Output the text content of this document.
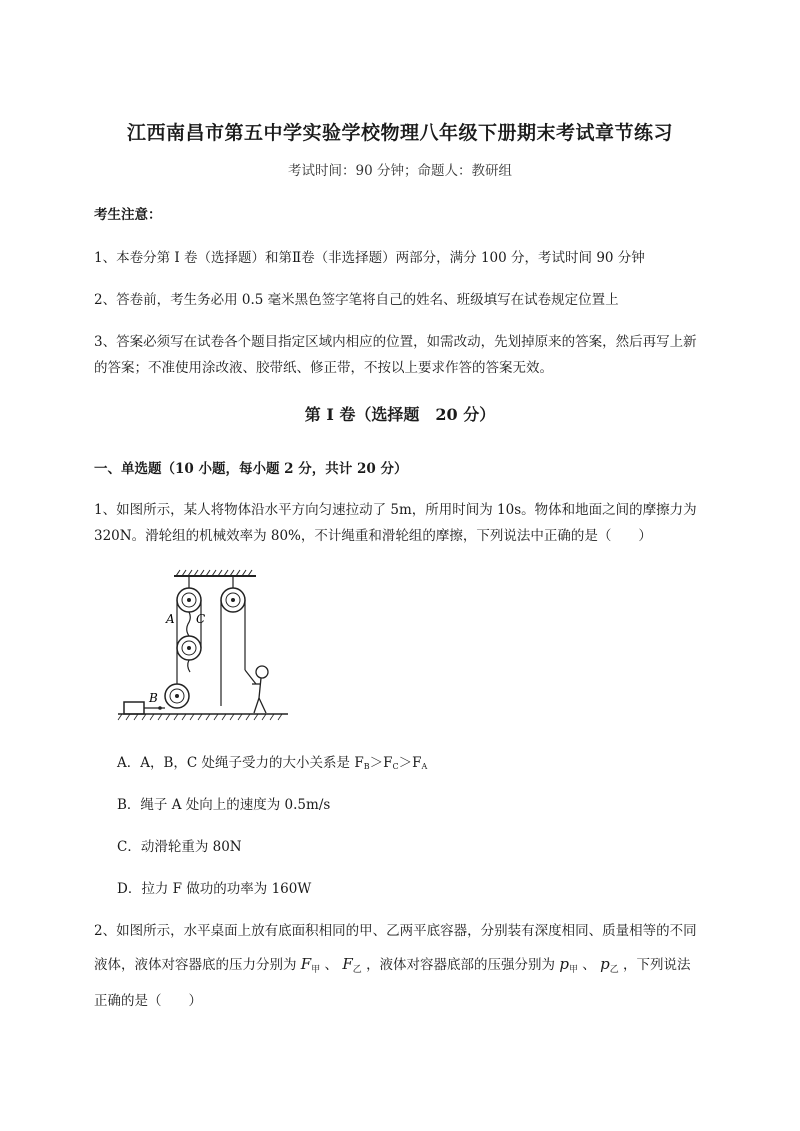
江西南昌市第五中学实验学校物理八年级下册期末考试章节练习
考试时间：90 分钟；命题人：教研组
考生注意：
1、本卷分第 I 卷（选择题）和第Ⅱ卷（非选择题）两部分，满分 100 分，考试时间 90 分钟
2、答卷前，考生务必用 0.5 毫米黑色签字笔将自己的姓名、班级填写在试卷规定位置上
3、答案必须写在试卷各个题目指定区域内相应的位置，如需改动，先划掉原来的答案，然后再写上新
的答案；不准使用涂改液、胶带纸、修正带，不按以上要求作答的答案无效。
第 I 卷（选择题　20 分）
一、单选题（10 小题，每小题 2 分，共计 20 分）
1、如图所示，某人将物体沿水平方向匀速拉动了 5m，所用时间为 10s。物体和地面之间的摩擦力为
320N。滑轮组的机械效率为 80%，不计绳重和滑轮组的摩擦，下列说法中正确的是（　　）
A C
B
A．A，B，C 处绳子受力的大小关系是 FB＞FC＞FA
B．绳子 A 处向上的速度为 0.5m/s
C．动滑轮重为 80N
D．拉力 F 做功的功率为 160W
2、如图所示，水平桌面上放有底面积相同的甲、乙两平底容器，分别装有深度相同、质量相等的不同
液体，液体对容器底的压力分别为 $F_甲$ 、 $F_乙$ ，液体对容器底部的压强分别为 $p_甲$ 、 $p_乙$ ，下列说法
正确的是（　　）
